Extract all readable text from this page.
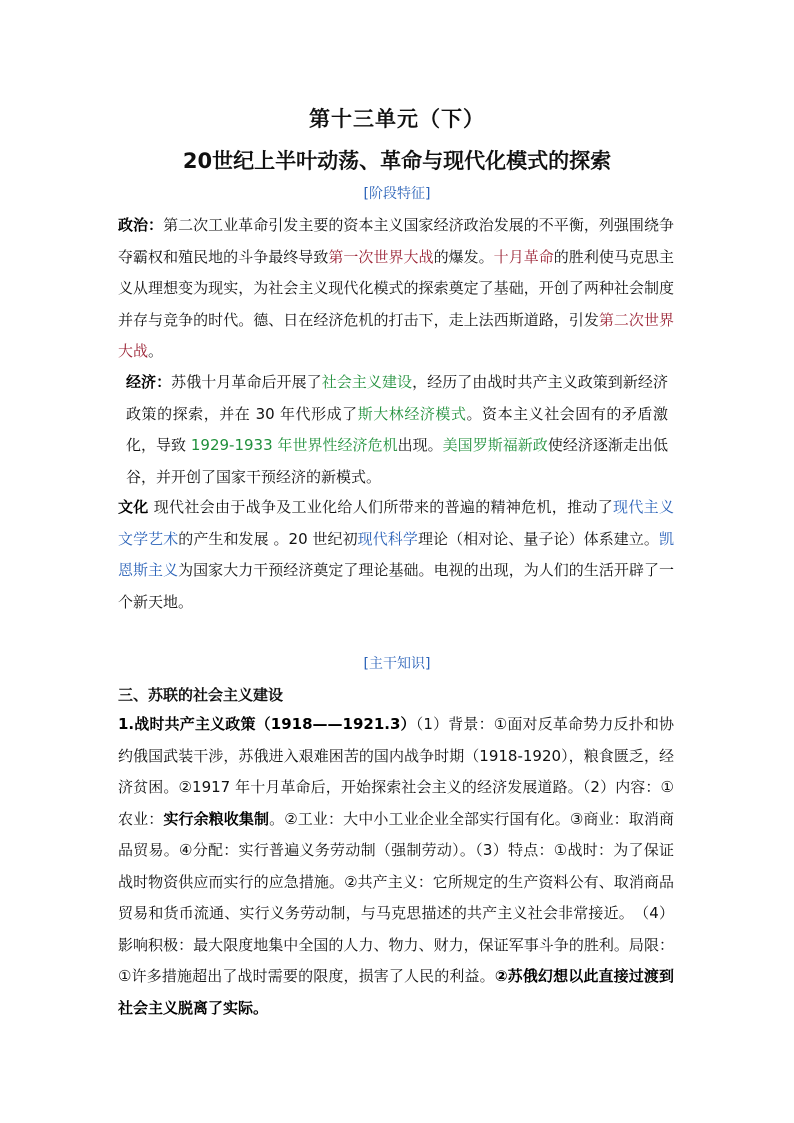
第十三单元（下）
20世纪上半叶动荡、革命与现代化模式的探索
[阶段特征]
政治：第二次工业革命引发主要的资本主义国家经济政治发展的不平衡，列强围绕争夺霸权和殖民地的斗争最终导致第一次世界大战的爆发。十月革命的胜利使马克思主义从理想变为现实，为社会主义现代化模式的探索奠定了基础，开创了两种社会制度并存与竞争的时代。德、日在经济危机的打击下，走上法西斯道路，引发第二次世界大战。
经济：苏俄十月革命后开展了社会主义建设，经历了由战时共产主义政策到新经济政策的探索，并在 30 年代形成了斯大林经济模式。资本主义社会固有的矛盾激化，导致 1929-1933 年世界性经济危机出现。美国罗斯福新政使经济逐渐走出低谷，并开创了国家干预经济的新模式。
文化 现代社会由于战争及工业化给人们所带来的普遍的精神危机，推动了现代主义文学艺术的产生和发展 。20 世纪初现代科学理论（相对论、量子论）体系建立。凯恩斯主义为国家大力干预经济奠定了理论基础。电视的出现，为人们的生活开辟了一个新天地。
[主干知识]
三、苏联的社会主义建设
1.战时共产主义政策（1918——1921.3）（1）背景：①面对反革命势力反扑和协约俄国武装干涉，苏俄进入艰难困苦的国内战争时期（1918-1920），粮食匮乏，经济贫困。②1917 年十月革命后，开始探索社会主义的经济发展道路。（2）内容：①农业：实行余粮收集制。②工业：大中小工业企业全部实行国有化。③商业：取消商品贸易。④分配：实行普遍义务劳动制（强制劳动）。（3）特点：①战时：为了保证战时物资供应而实行的应急措施。②共产主义：它所规定的生产资料公有、取消商品贸易和货币流通、实行义务劳动制，与马克思描述的共产主义社会非常接近。　（4）影响积极：最大限度地集中全国的人力、物力、财力，保证军事斗争的胜利。局限：①许多措施超出了战时需要的限度，损害了人民的利益。②苏俄幻想以此直接过渡到社会主义脱离了实际。
